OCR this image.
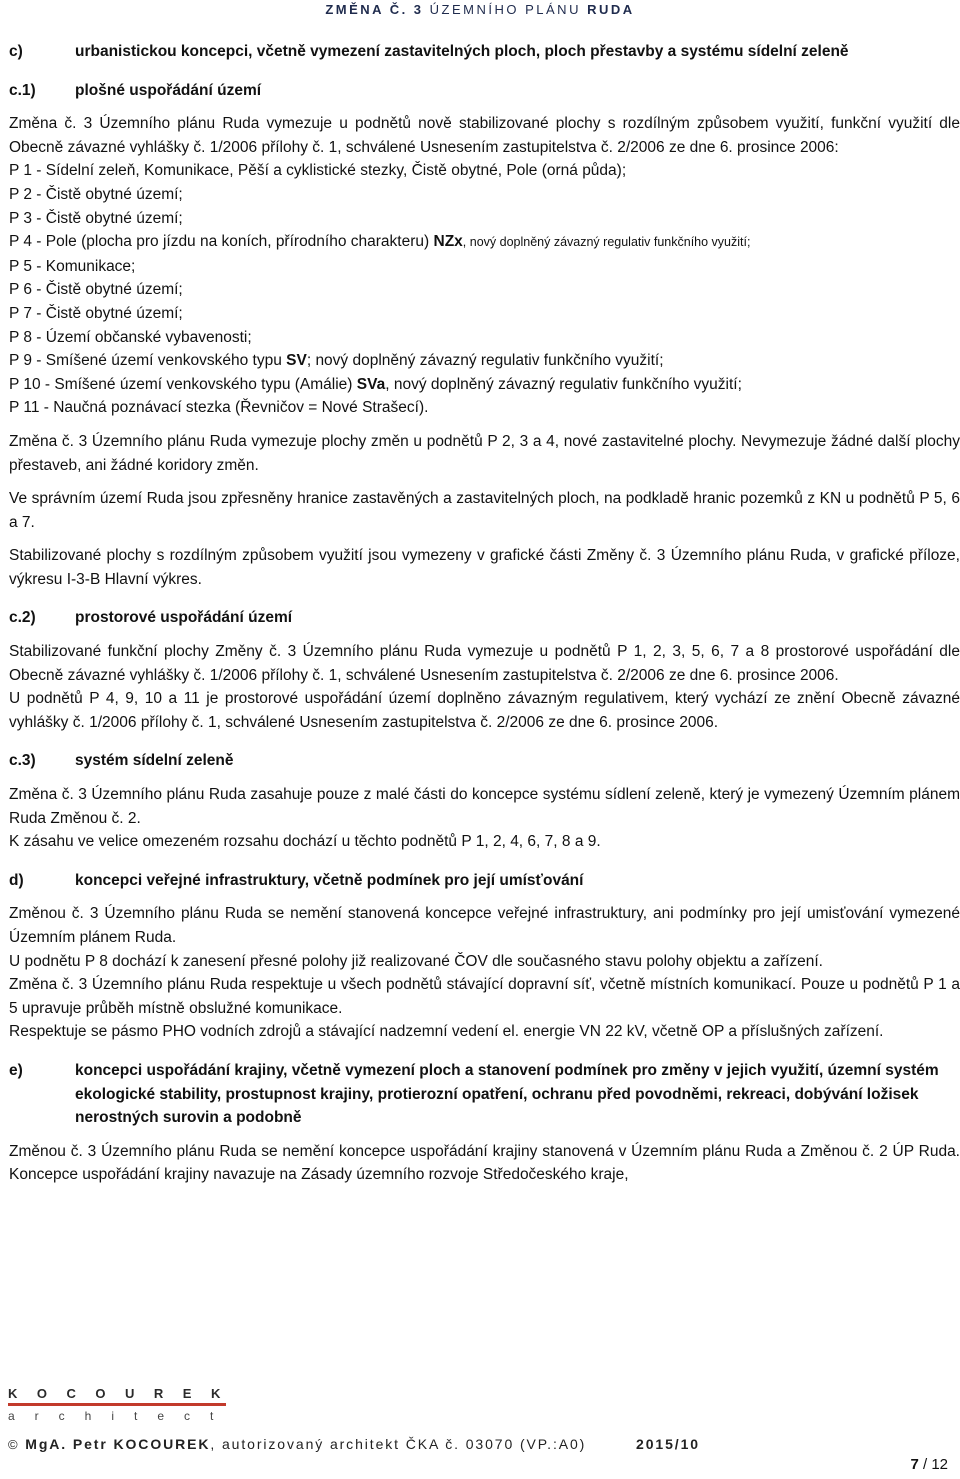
ZMĚNA Č. 3 ÚZEMNÍHO PLÁNU RUDA
c)	urbanistickou koncepci, včetně vymezení zastavitelných ploch, ploch přestavby a systému sídelní zeleně
c.1)	plošné uspořádání území

Změna č. 3 Územního plánu Ruda vymezuje u podnětů nově stabilizované plochy s rozdílným způsobem využití, funkční využití dle Obecně závazné vyhlášky č. 1/2006 přílohy č. 1, schválené Usnesením zastupitelstva č. 2/2006 ze dne 6. prosince 2006:

P 1 - Sídelní zeleň, Komunikace, Pěší a cyklistické stezky, Čistě obytné, Pole (orná půda);

P 2 - Čistě obytné území;

P 3 - Čistě obytné území;

P 4 - Pole (plocha pro jízdu na koních, přírodního charakteru) NZx, nový doplněný závazný regulativ funkčního využití;

P 5 - Komunikace;

P 6 - Čistě obytné území;

P 7 - Čistě obytné území;

P 8 - Území občanské vybavenosti;

P 9 - Smíšené území venkovského typu SV; nový doplněný závazný regulativ funkčního využití;

P 10 - Smíšené území venkovského typu (Amálie) SVa, nový doplněný závazný regulativ funkčního využití;

P 11 - Naučná poznávací stezka (Řevničov = Nové Strašecí).

Změna č. 3 Územního plánu Ruda vymezuje plochy změn u podnětů P 2, 3 a 4, nové zastavitelné plochy. Nevymezuje žádné další plochy přestaveb, ani žádné koridory změn.

Ve správním území Ruda jsou zpřesněny hranice zastavěných a zastavitelných ploch, na podkladě hranic pozemků z KN u podnětů P 5, 6 a 7.

Stabilizované plochy s rozdílným způsobem využití jsou vymezeny v grafické části Změny č. 3 Územního plánu Ruda, v grafické příloze, výkresu I-3-B Hlavní výkres.

c.2)	prostorové uspořádání území

Stabilizované funkční plochy Změny č. 3 Územního plánu Ruda vymezuje u podnětů P 1, 2, 3, 5, 6, 7 a 8 prostorové uspořádání dle Obecně závazné vyhlášky č. 1/2006 přílohy č. 1, schválené Usnesením zastupitelstva č. 2/2006 ze dne 6. prosince 2006.

U podnětů P 4, 9, 10 a 11 je prostorové uspořádání území doplněno závazným regulativem, který vychází ze znění Obecně závazné vyhlášky č. 1/2006 přílohy č. 1, schválené Usnesením zastupitelstva č. 2/2006 ze dne 6. prosince 2006.

c.3)	systém sídelní zeleně

Změna č. 3 Územního plánu Ruda zasahuje pouze z malé části do koncepce systému sídlení zeleně, který je vymezený Územním plánem Ruda Změnou č. 2.

K zásahu ve velice omezeném rozsahu dochází u těchto podnětů P 1, 2, 4, 6, 7, 8 a 9.

d)	koncepci veřejné infrastruktury, včetně podmínek pro její umísťování

Změnou č. 3 Územního plánu Ruda se nemění stanovená koncepce veřejné infrastruktury, ani podmínky pro její umisťování vymezené Územním plánem Ruda.

U podnětu P 8 dochází k zanesení přesné polohy již realizované ČOV dle současného stavu polohy objektu a zařízení.

Změna č. 3 Územního plánu Ruda respektuje u všech podnětů stávající dopravní síť, včetně místních komunikací. Pouze u podnětů P 1 a 5 upravuje průběh místně obslužné komunikace.

Respektuje se pásmo PHO vodních zdrojů a stávající nadzemní vedení el. energie VN 22 kV, včetně OP a příslušných zařízení.

e)	koncepci uspořádání krajiny, včetně vymezení ploch a stanovení podmínek pro změny v jejich využití, územní systém ekologické stability, prostupnost krajiny, protierozní opatření, ochranu před povodněmi, rekreaci, dobývání ložisek nerostných surovin a podobně

Změnou č. 3 Územního plánu Ruda se nemění koncepce uspořádání krajiny stanovená v Územním plánu Ruda a Změnou č. 2 ÚP Ruda. Koncepce uspořádání krajiny navazuje na Zásady územního rozvoje Středočeského kraje,

KOCOUREK
architect
© MgA. Petr KOCOUREK, autorizovaný architekt ČKA č. 03070 (VP.:A0)	2015/10
7 / 12
